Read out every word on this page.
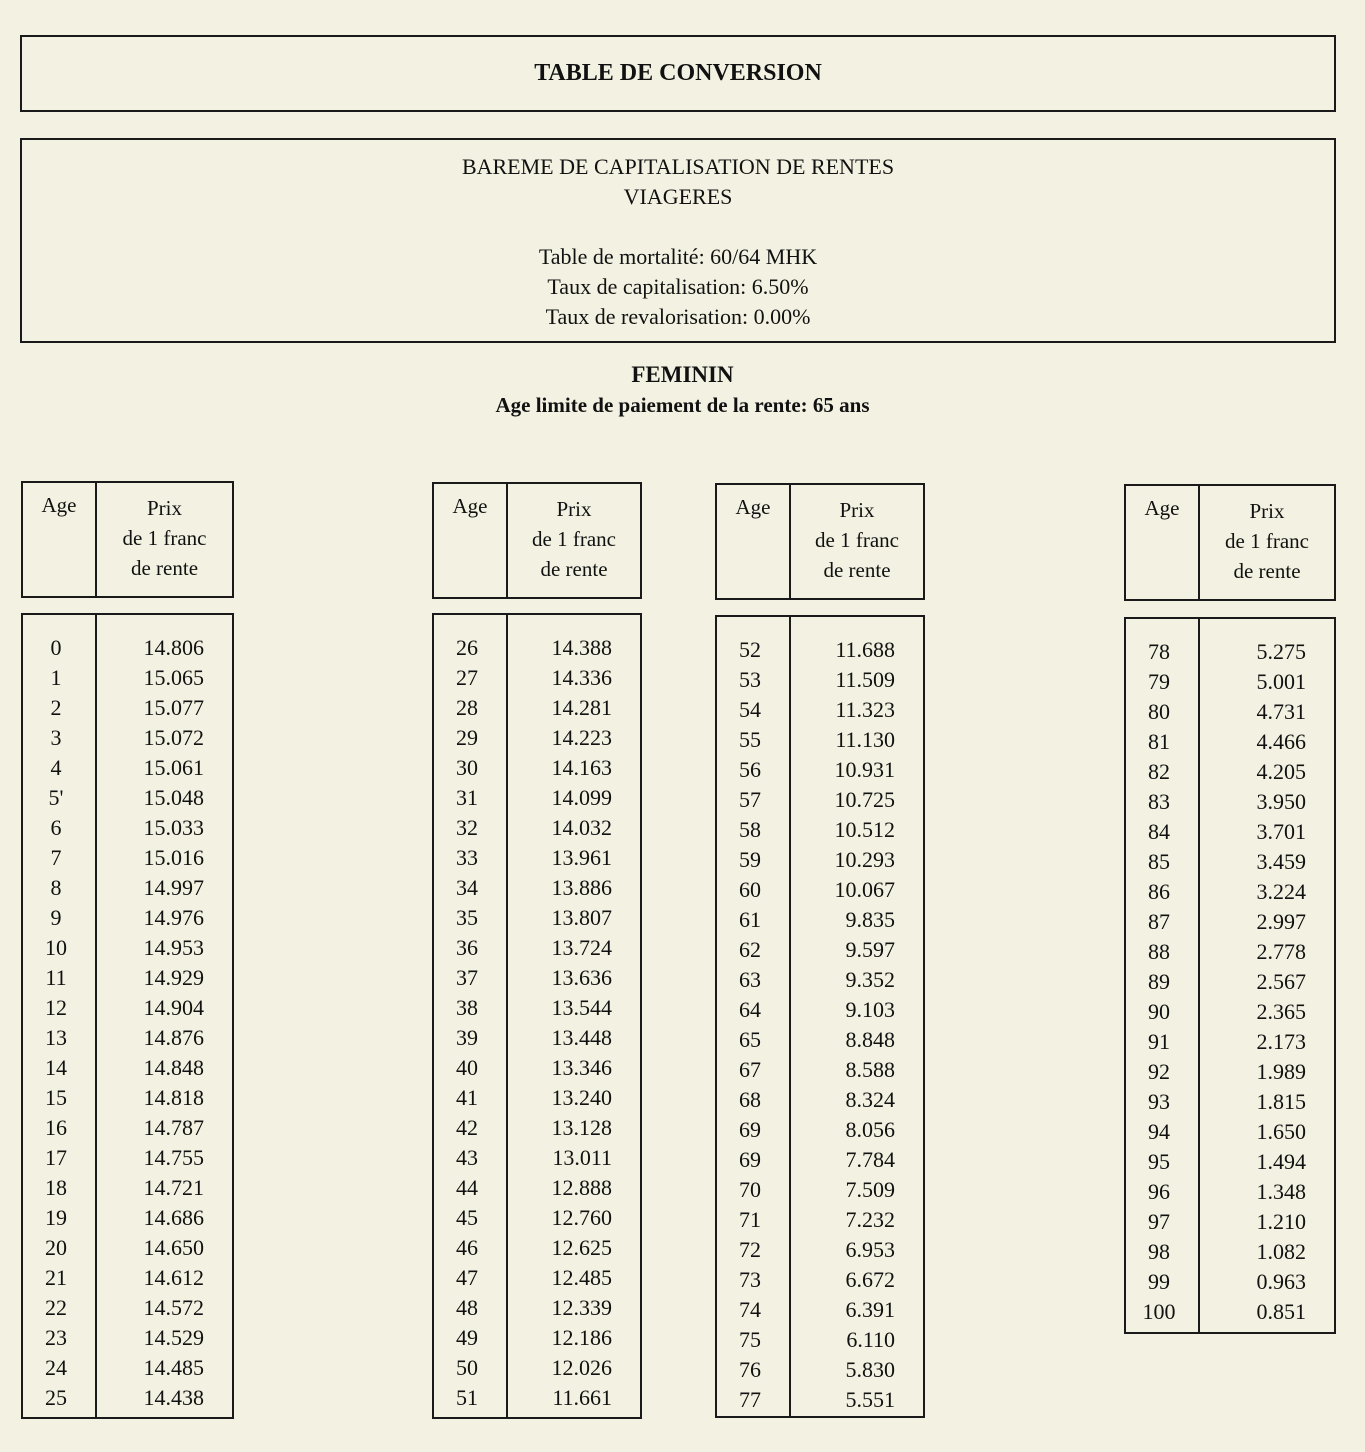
TABLE DE CONVERSION
BAREME DE CAPITALISATION DE RENTES
VIAGERES
Table de mortalité: 60/64 MHK
Taux de capitalisation: 6.50%
Taux de revalorisation: 0.00%
FEMININ
Age limite de paiement de la rente: 65 ans
Age	Prix
de 1 franc
de rente
0	14.806
1	15.065
2	15.077
3	15.072
4	15.061
5'	15.048
6	15.033
7	15.016
8	14.997
9	14.976
10	14.953
11	14.929
12	14.904
13	14.876
14	14.848
15	14.818
16	14.787
17	14.755
18	14.721
19	14.686
20	14.650
21	14.612
22	14.572
23	14.529
24	14.485
25	14.438
Age	Prix
de 1 franc
de rente
26	14.388
27	14.336
28	14.281
29	14.223
30	14.163
31	14.099
32	14.032
33	13.961
34	13.886
35	13.807
36	13.724
37	13.636
38	13.544
39	13.448
40	13.346
41	13.240
42	13.128
43	13.011
44	12.888
45	12.760
46	12.625
47	12.485
48	12.339
49	12.186
50	12.026
51	11.661
Age	Prix
de 1 franc
de rente
52	11.688
53	11.509
54	11.323
55	11.130
56	10.931
57	10.725
58	10.512
59	10.293
60	10.067
61	9.835
62	9.597
63	9.352
64	9.103
65	8.848
67	8.588
68	8.324
69	8.056
69	7.784
70	7.509
71	7.232
72	6.953
73	6.672
74	6.391
75	6.110
76	5.830
77	5.551
Age	Prix
de 1 franc
de rente
78	5.275
79	5.001
80	4.731
81	4.466
82	4.205
83	3.950
84	3.701
85	3.459
86	3.224
87	2.997
88	2.778
89	2.567
90	2.365
91	2.173
92	1.989
93	1.815
94	1.650
95	1.494
96	1.348
97	1.210
98	1.082
99	0.963
100	0.851
